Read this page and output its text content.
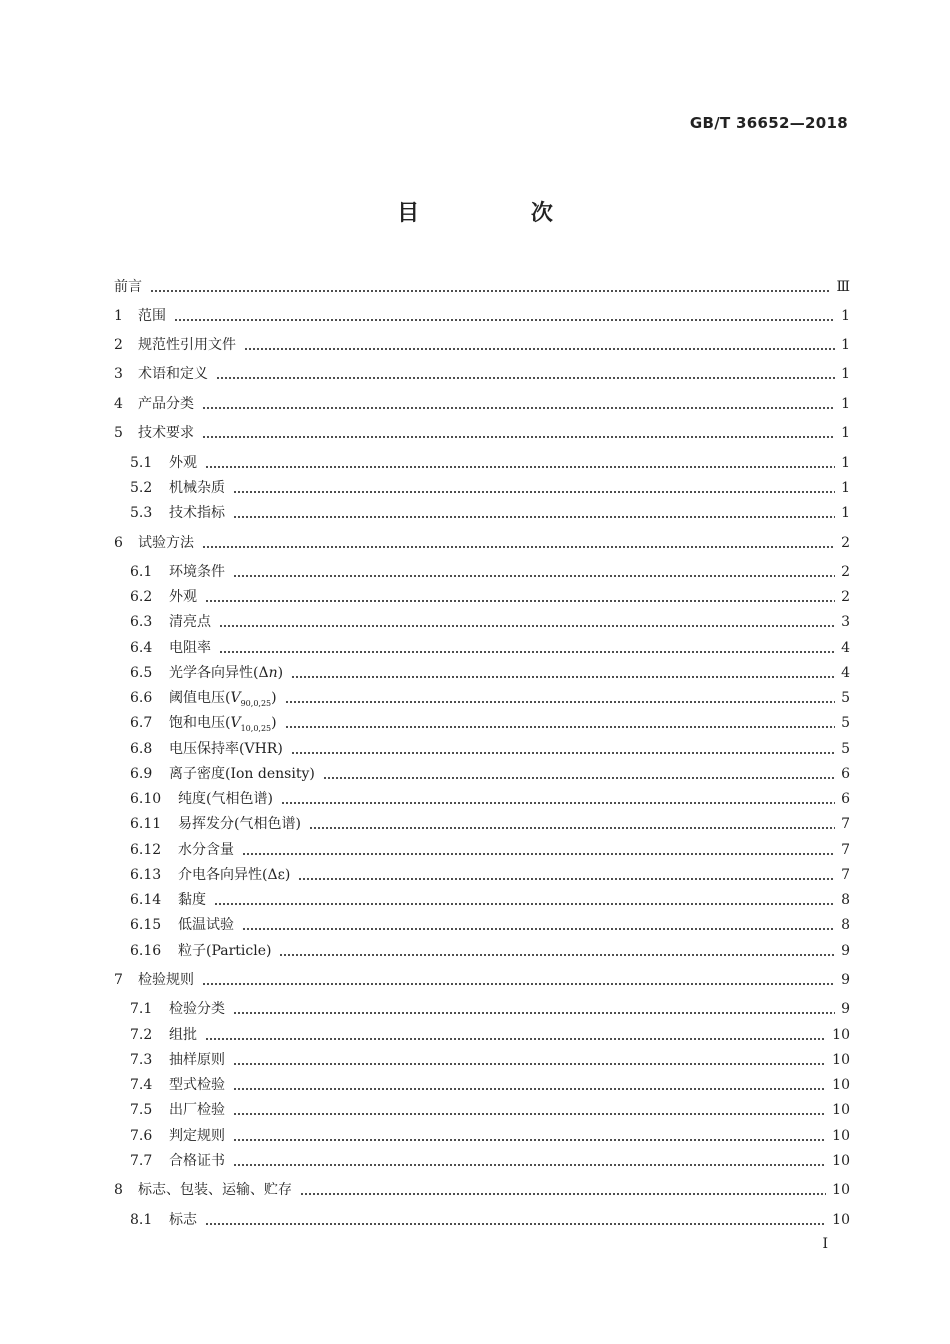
GB/T 36652—2018
目 次
前言	Ⅲ
1 范围	1
2 规范性引用文件	1
3 术语和定义	1
4 产品分类	1
5 技术要求	1
5.1 外观	1
5.2 机械杂质	1
5.3 技术指标	1
6 试验方法	2
6.1 环境条件	2
6.2 外观	2
6.3 清亮点	3
6.4 电阻率	4
6.5 光学各向异性(Δn)	4
6.6 阈值电压$(V_{90,0,25})$	5
6.7 饱和电压$(V_{10,0,25})$	5
6.8 电压保持率(VHR)	5
6.9 离子密度(Ion density)	6
6.10 纯度(气相色谱)	6
6.11 易挥发分(气相色谱)	7
6.12 水分含量	7
6.13 介电各向异性(Δε)	7
6.14 黏度	8
6.15 低温试验	8
6.16 粒子(Particle)	9
7 检验规则	9
7.1 检验分类	9
7.2 组批	10
7.3 抽样原则	10
7.4 型式检验	10
7.5 出厂检验	10
7.6 判定规则	10
7.7 合格证书	10
8 标志、包装、运输、贮存	10
8.1 标志	10
I
